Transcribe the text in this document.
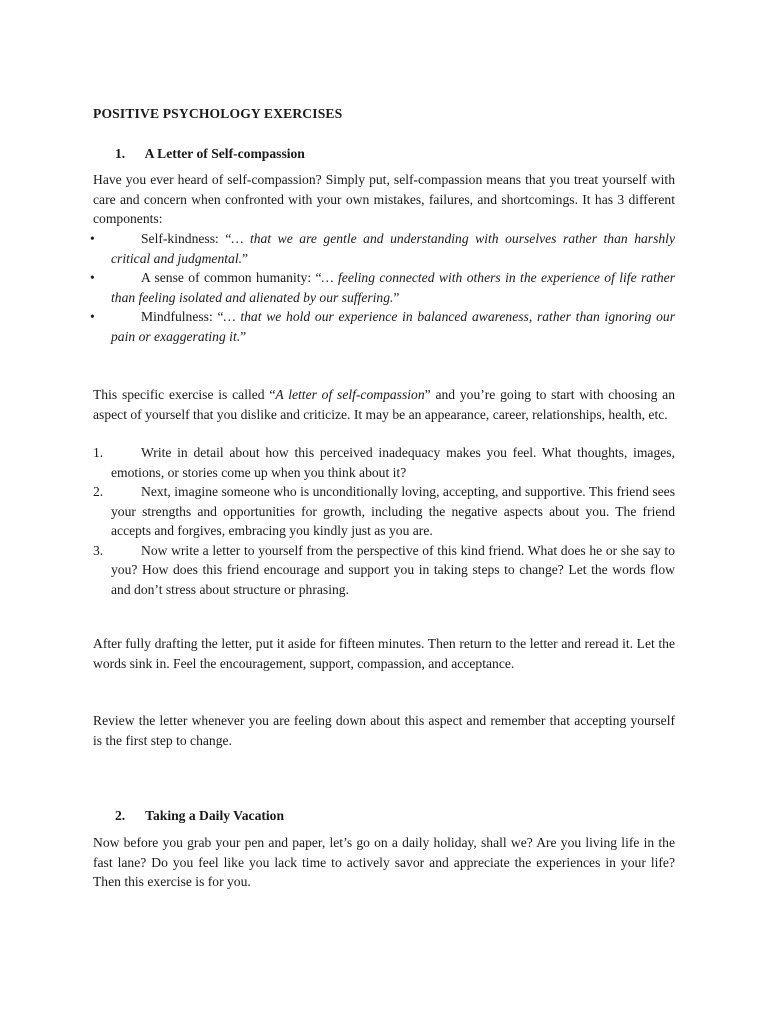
POSITIVE PSYCHOLOGY EXERCISES
1. A Letter of Self-compassion
Have you ever heard of self-compassion? Simply put, self-compassion means that you treat yourself with care and concern when confronted with your own mistakes, failures, and shortcomings. It has 3 different components:
•	Self-kindness: “… that we are gentle and understanding with ourselves rather than harshly critical and judgmental.”
•	A sense of common humanity: “… feeling connected with others in the experience of life rather than feeling isolated and alienated by our suffering.”
•	Mindfulness: “… that we hold our experience in balanced awareness, rather than ignoring our pain or exaggerating it.”
This specific exercise is called “A letter of self-compassion” and you’re going to start with choosing an aspect of yourself that you dislike and criticize. It may be an appearance, career, relationships, health, etc.
1.	Write in detail about how this perceived inadequacy makes you feel. What thoughts, images, emotions, or stories come up when you think about it?
2.	Next, imagine someone who is unconditionally loving, accepting, and supportive. This friend sees your strengths and opportunities for growth, including the negative aspects about you. The friend accepts and forgives, embracing you kindly just as you are.
3.	Now write a letter to yourself from the perspective of this kind friend. What does he or she say to you? How does this friend encourage and support you in taking steps to change? Let the words flow and don’t stress about structure or phrasing.
After fully drafting the letter, put it aside for fifteen minutes. Then return to the letter and reread it. Let the words sink in. Feel the encouragement, support, compassion, and acceptance.
Review the letter whenever you are feeling down about this aspect and remember that accepting yourself is the first step to change.
2. Taking a Daily Vacation
Now before you grab your pen and paper, let’s go on a daily holiday, shall we? Are you living life in the fast lane? Do you feel like you lack time to actively savor and appreciate the experiences in your life? Then this exercise is for you.
